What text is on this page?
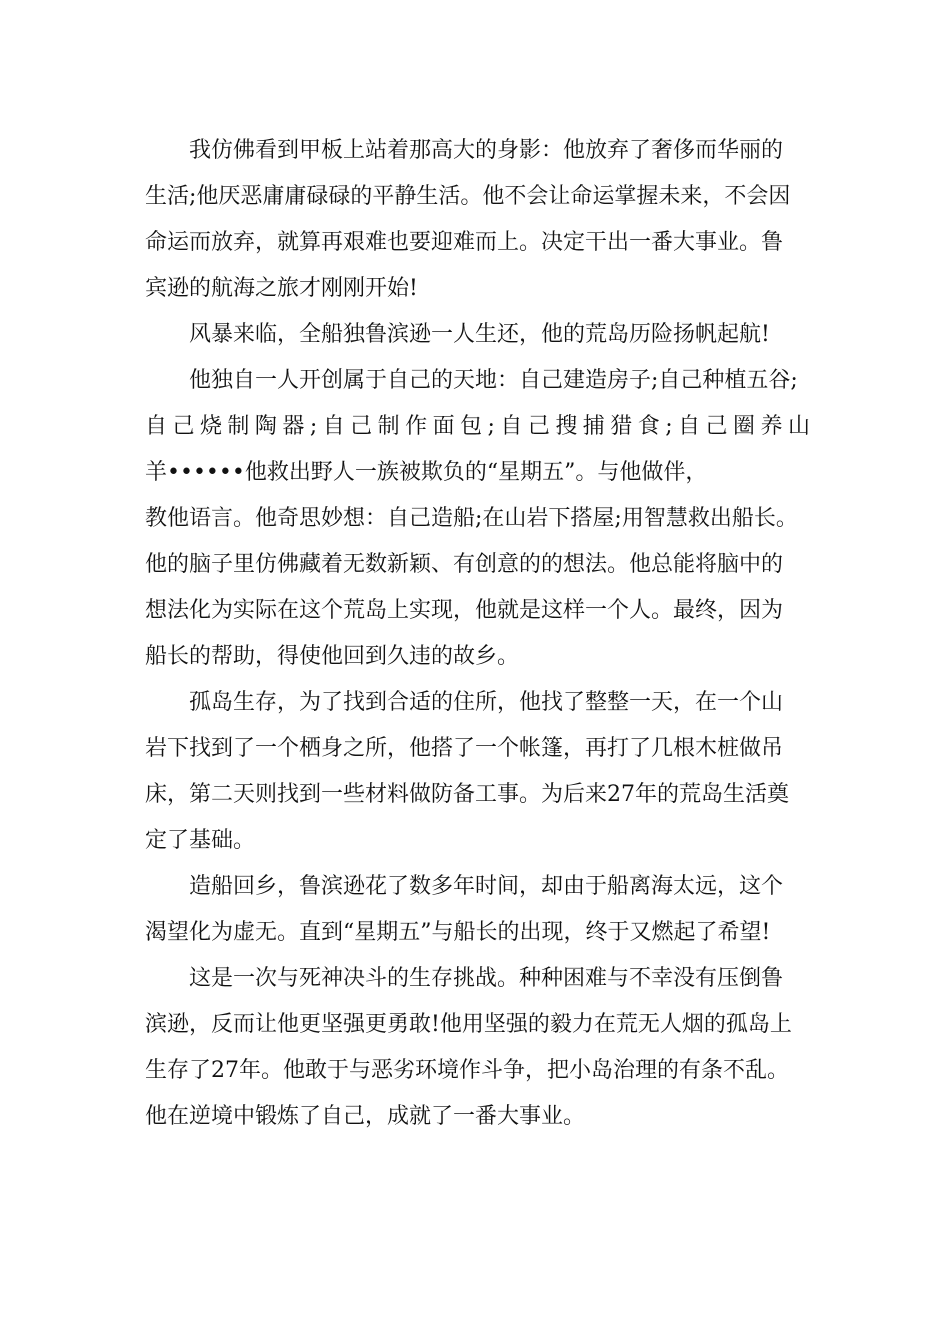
我仿佛看到甲板上站着那高大的身影：他放弃了奢侈而华丽的
生活;他厌恶庸庸碌碌的平静生活。他不会让命运掌握未来，不会因
命运而放弃，就算再艰难也要迎难而上。决定干出一番大事业。鲁
宾逊的航海之旅才刚刚开始!
风暴来临，全船独鲁滨逊一人生还，他的荒岛历险扬帆起航!
他独自一人开创属于自己的天地：自己建造房子;自己种植五谷;
自 己 烧 制 陶 器 ; 自 己 制 作 面 包 ; 自 己 搜 捕 猎 食 ; 自 己 圈 养 山
羊••••••他救出野人一族被欺负的“星期五”。与他做伴，
教他语言。他奇思妙想：自己造船;在山岩下搭屋;用智慧救出船长。
他的脑子里仿佛藏着无数新颖、有创意的的想法。他总能将脑中的
想法化为实际在这个荒岛上实现，他就是这样一个人。最终，因为
船长的帮助，得使他回到久违的故乡。
孤岛生存，为了找到合适的住所，他找了整整一天，在一个山
岩下找到了一个栖身之所，他搭了一个帐篷，再打了几根木桩做吊
床，第二天则找到一些材料做防备工事。为后来27年的荒岛生活奠
定了基础。
造船回乡，鲁滨逊花了数多年时间，却由于船离海太远，这个
渴望化为虚无。直到“星期五”与船长的出现，终于又燃起了希望!
这是一次与死神决斗的生存挑战。种种困难与不幸没有压倒鲁
滨逊，反而让他更坚强更勇敢!他用坚强的毅力在荒无人烟的孤岛上
生存了27年。他敢于与恶劣环境作斗争，把小岛治理的有条不乱。
他在逆境中锻炼了自己，成就了一番大事业。
